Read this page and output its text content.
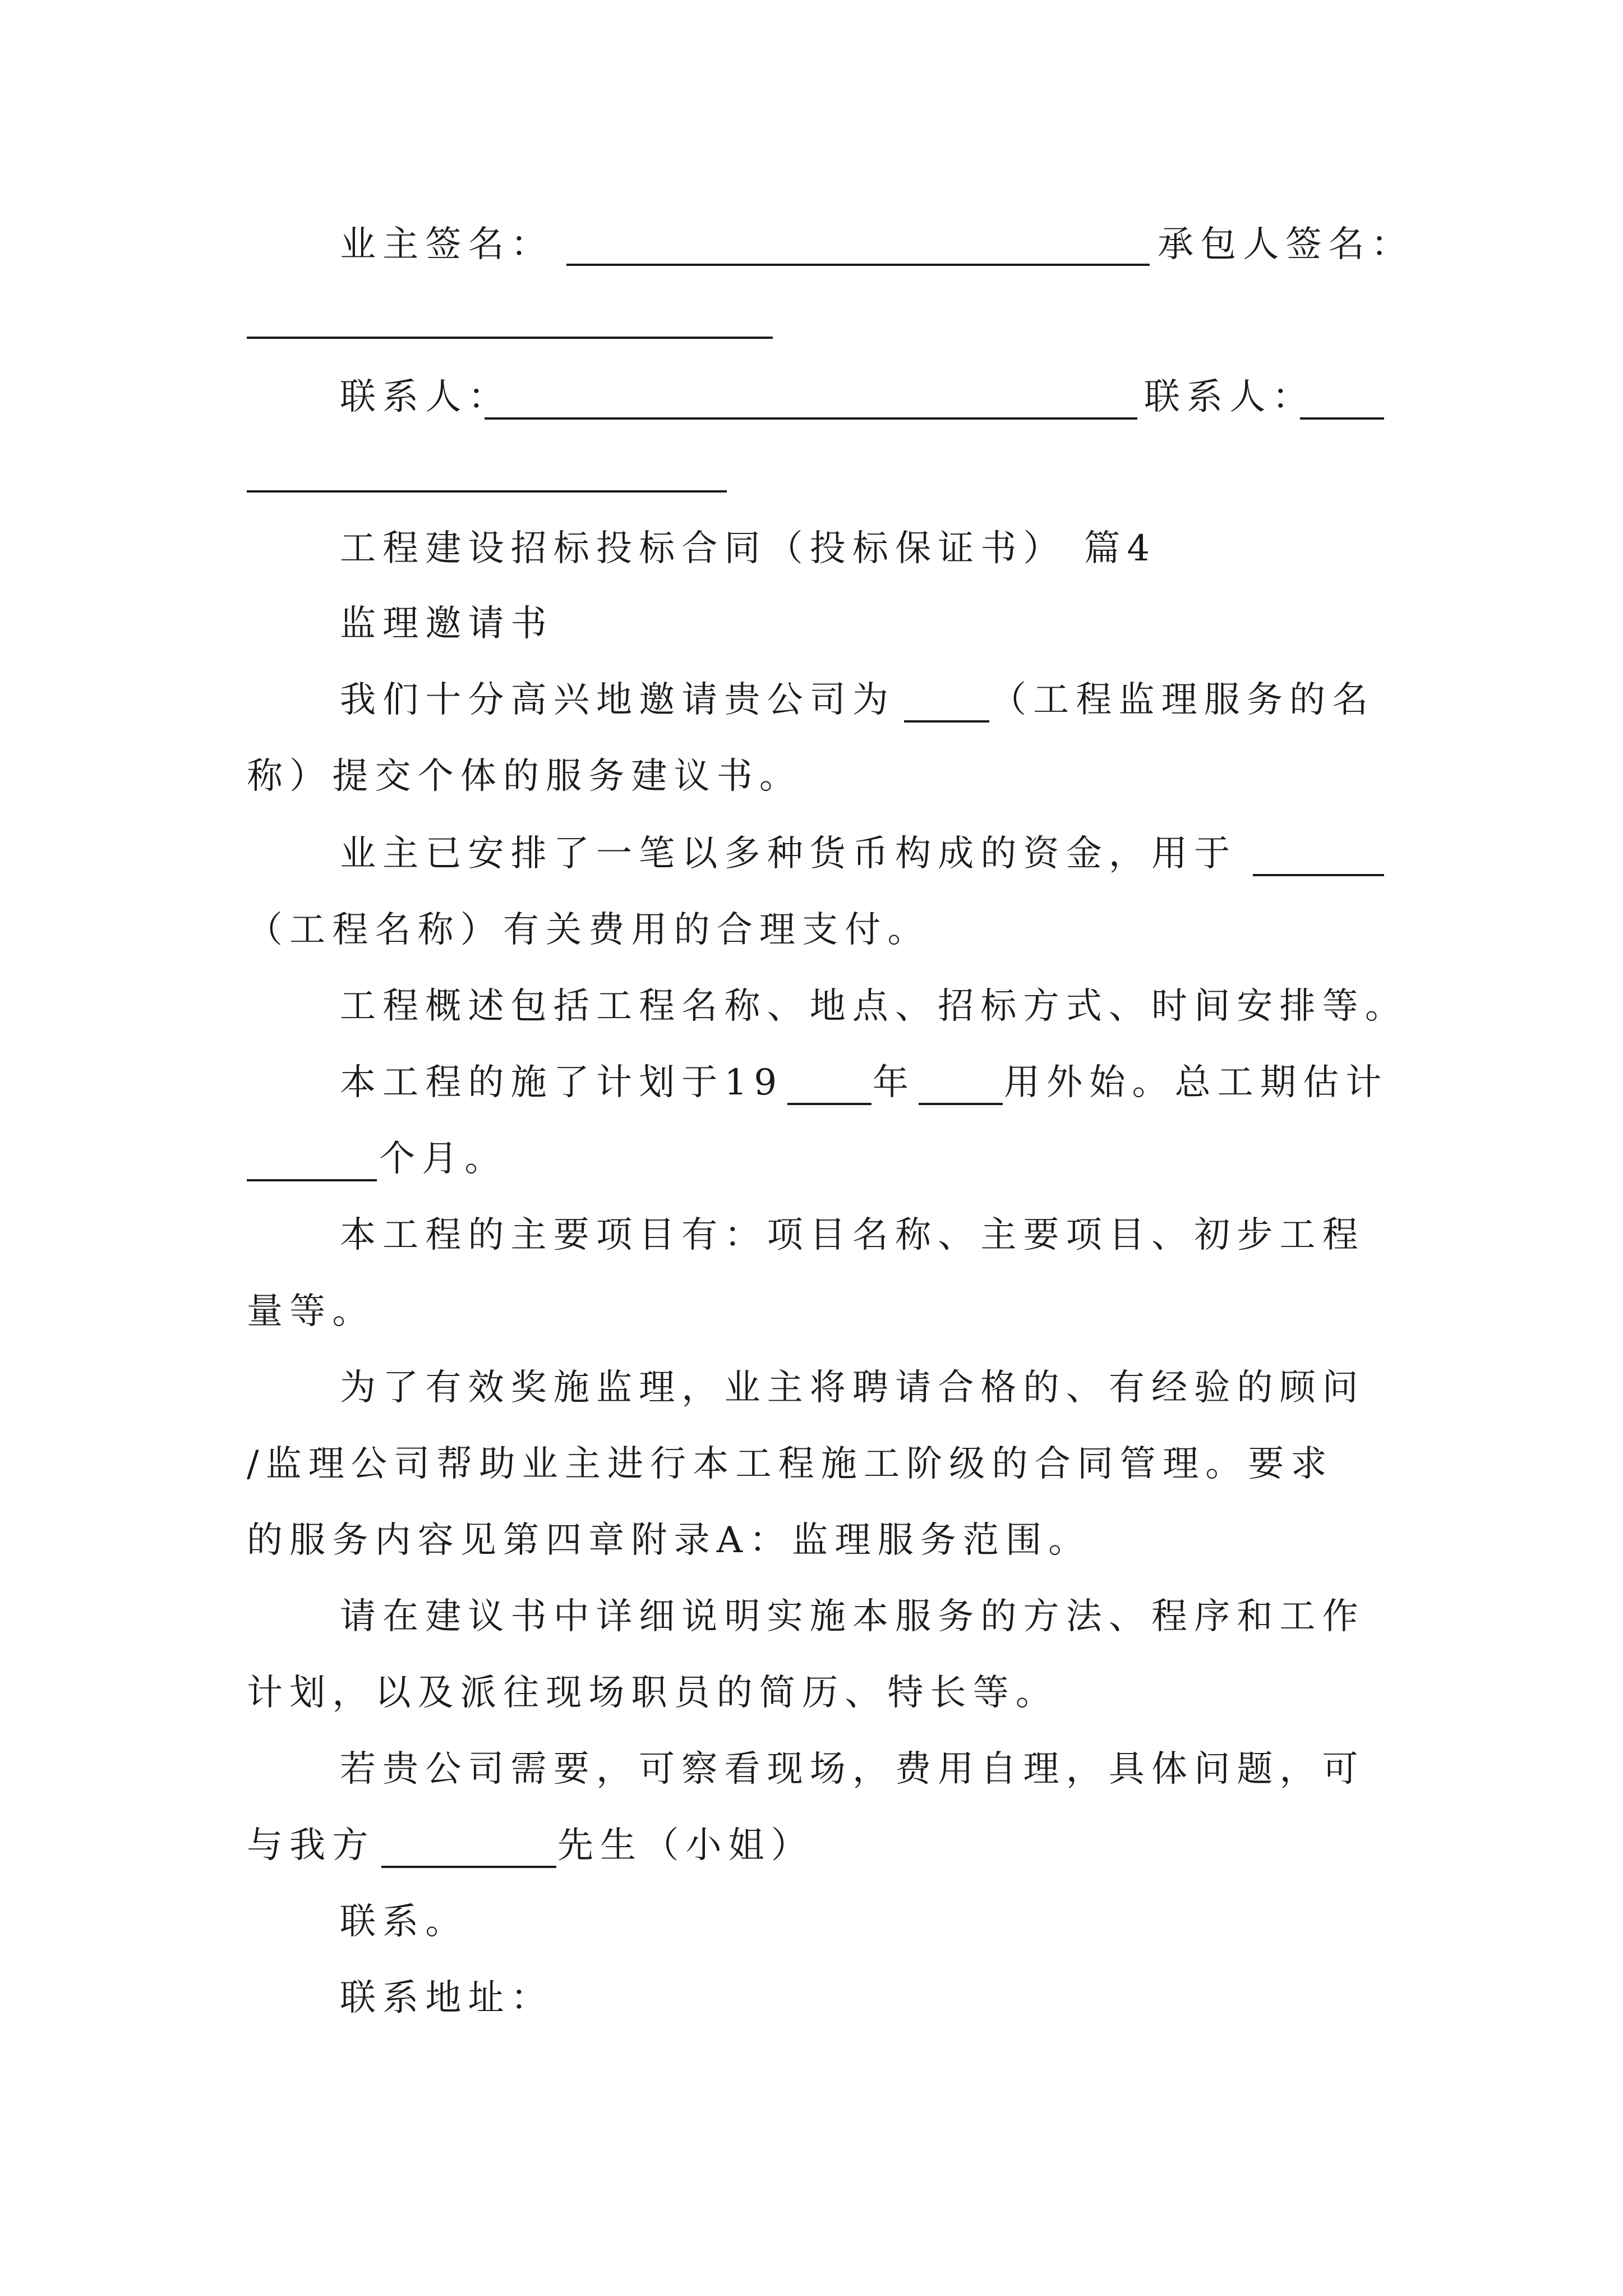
业主签名：	承包人签名：
联系人：	联系人：
工程建设招标投标合同（投标保证书） 篇4
监理邀请书
我们十分高兴地邀请贵公司为	（工程监理服务的名
称）提交个体的服务建议书。
业主已安排了一笔以多种货币构成的资金，用于
（工程名称）有关费用的合理支付。
工程概述包括工程名称、地点、招标方式、时间安排等。
本工程的施了计划于19 年 用外始。总工期估计
个月。
本工程的主要项目有：项目名称、主要项目、初步工程
量等。
为了有效奖施监理，业主将聘请合格的、有经验的顾问
/监理公司帮助业主进行本工程施工阶级的合同管理。要求
的服务内容见第四章附录A：监理服务范围。
请在建议书中详细说明实施本服务的方法、程序和工作
计划，以及派往现场职员的简历、特长等。
若贵公司需要，可察看现场，费用自理，具体问题，可
与我方	先生（小姐）
联系。
联系地址：
